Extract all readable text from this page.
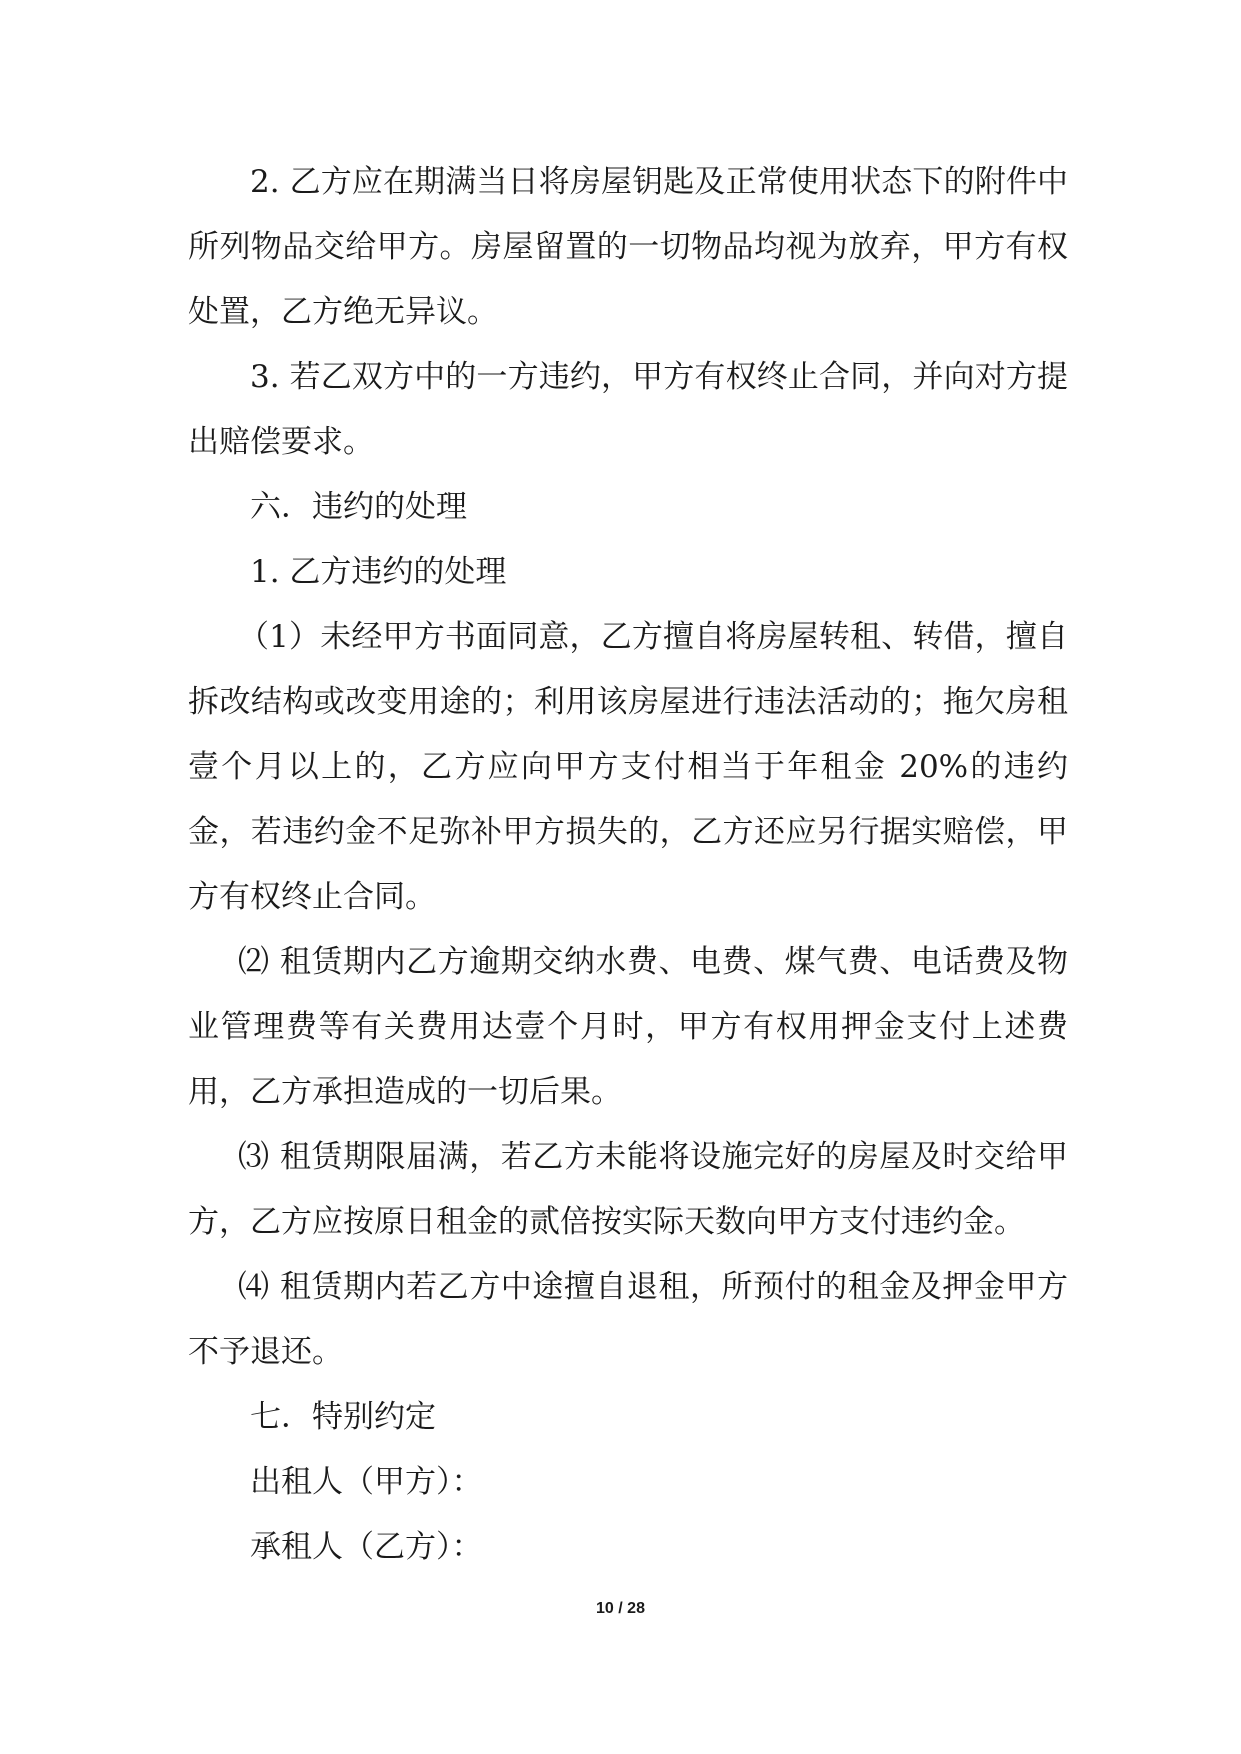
2. 乙方应在期满当日将房屋钥匙及正常使用状态下的附件中所列物品交给甲方。房屋留置的一切物品均视为放弃，甲方有权处置，乙方绝无异议。

3. 若乙双方中的一方违约，甲方有权终止合同，并向对方提出赔偿要求。

六．违约的处理

1. 乙方违约的处理

（1）未经甲方书面同意，乙方擅自将房屋转租、转借，擅自拆改结构或改变用途的；利用该房屋进行违法活动的；拖欠房租壹个月以上的，乙方应向甲方支付相当于年租金 20%的违约金，若违约金不足弥补甲方损失的，乙方还应另行据实赔偿，甲方有权终止合同。

⑵ 租赁期内乙方逾期交纳水费、电费、煤气费、电话费及物业管理费等有关费用达壹个月时，甲方有权用押金支付上述费用，乙方承担造成的一切后果。

⑶ 租赁期限届满，若乙方未能将设施完好的房屋及时交给甲方，乙方应按原日租金的贰倍按实际天数向甲方支付违约金。

⑷ 租赁期内若乙方中途擅自退租，所预付的租金及押金甲方不予退还。

七．特别约定

出租人（甲方）：

承租人（乙方）：

10 / 28
